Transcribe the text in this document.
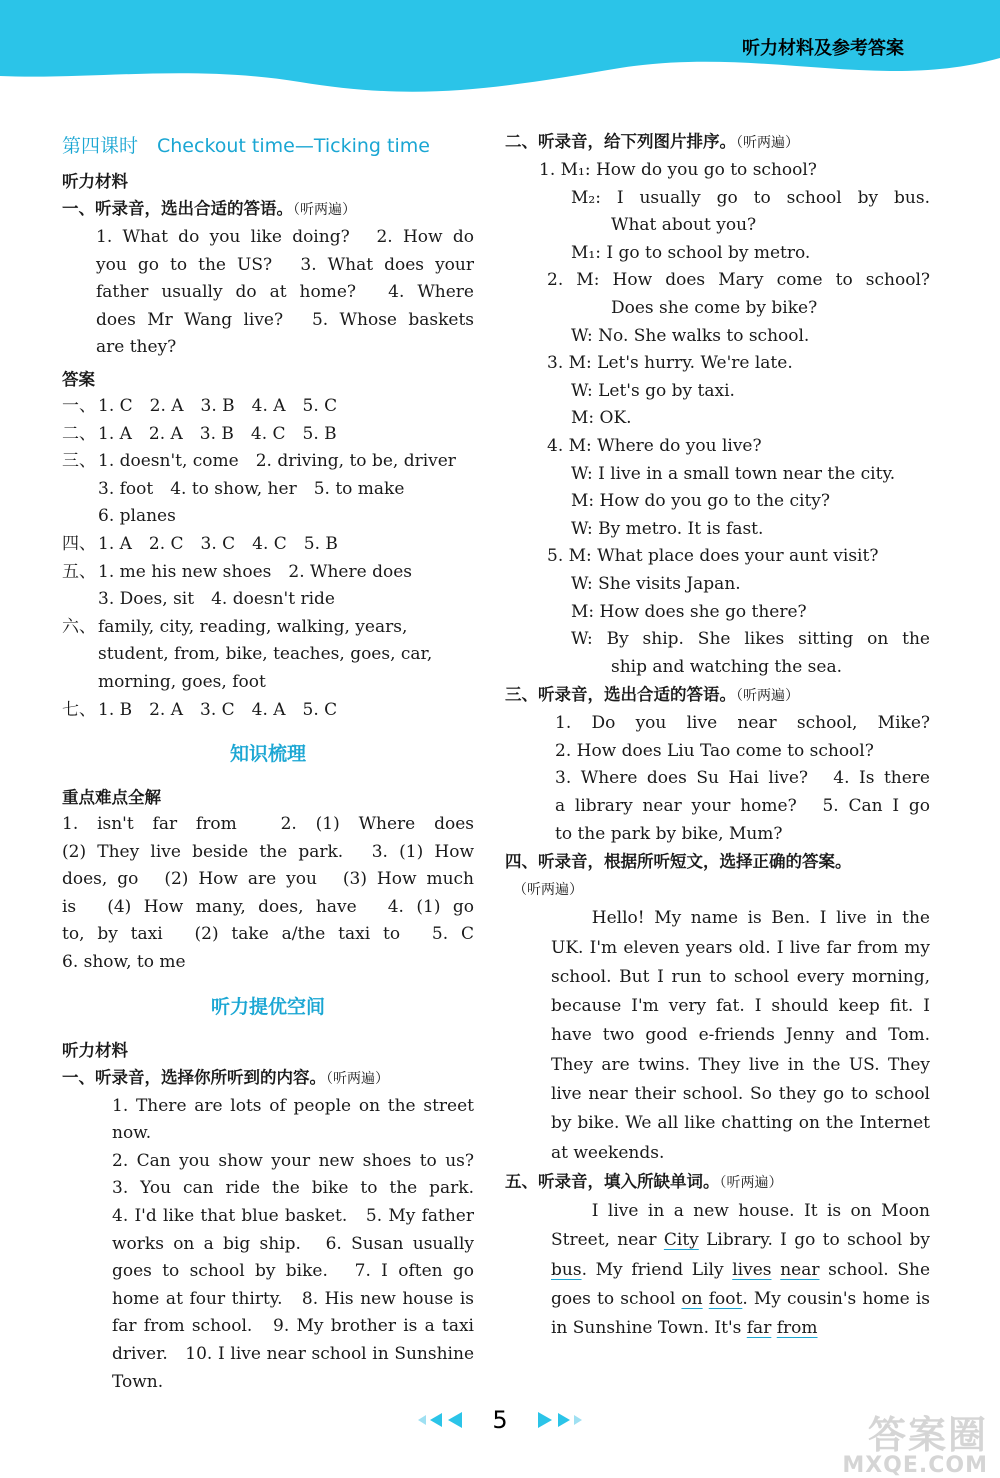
听力材料及参考答案
第四课时　Checkout time—Ticking time
听力材料
一、听录音，选出合适的答语。（听两遍）
1. What do you like doing?　2. How do
you go to the US?　3. What does your
father usually do at home?　4. Where
does Mr Wang live?　5. Whose baskets
are they?
答案
一、 1. C　2. A　3. B　4. A　5. C
二、 1. A　2. A　3. B　4. C　5. B
三、 1. doesn't, come　2. driving, to be, driver
3. foot　4. to show, her　5. to make
6. planes
四、 1. A　2. C　3. C　4. C　5. B
五、 1. me his new shoes　2. Where does
3. Does, sit　4. doesn't ride
六、 family, city, reading, walking, years,
student, from, bike, teaches, goes, car,
morning, goes, foot
七、 1. B　2. A　3. C　4. A　5. C
知识梳理
重点难点全解
1. isn't far from　2. (1) Where does
(2) They live beside the park.　3. (1) How
does, go　(2) How are you　(3) How much
is　(4) How many, does, have　4. (1) go
to, by taxi　(2) take a/the taxi to　5. C
6. show, to me
听力提优空间
听力材料
一、听录音，选择你所听到的内容。（听两遍）
1. There are lots of people on the street now.
2. Can you show your new shoes to us?
3. You can ride the bike to the park.
4. I'd like that blue basket.　5. My father
works on a big ship.　6. Susan usually
goes to school by bike.　7. I often go
home at four thirty.　8. His new house is
far from school.　9. My brother is a taxi
driver.　10. I live near school in Sunshine
Town.
二、听录音，给下列图片排序。（听两遍）
1. M₁: How do you go to school?
M₂: I usually go to school by bus.
What about you?
M₁: I go to school by metro.
2. M: How does Mary come to school?
Does she come by bike?
W: No. She walks to school.
3. M: Let's hurry. We're late.
W: Let's go by taxi.
M: OK.
4. M: Where do you live?
W: I live in a small town near the city.
M: How do you go to the city?
W: By metro. It is fast.
5. M: What place does your aunt visit?
W: She visits Japan.
M: How does she go there?
W: By ship. She likes sitting on the
ship and watching the sea.
三、听录音，选出合适的答语。（听两遍）
1. Do you live near school, Mike?
2. How does Liu Tao come to school?
3. Where does Su Hai live?　4. Is there
a library near your home?　5. Can I go
to the park by bike, Mum?
四、听录音，根据所听短文，选择正确的答案。
（听两遍）
Hello! My name is Ben. I live in the UK. I'm eleven years old. I live far from my school. But I run to school every morning, because I'm very fat. I should keep fit. I have two good e-friends Jenny and Tom. They are twins. They live in the US. They live near their school. So they go to school by bike. We all like chatting on the Internet at weekends.
五、听录音，填入所缺单词。（听两遍）
I live in a new house. It is on Moon Street, near City Library. I go to school by bus. My friend Lily lives near school. She goes to school on foot. My cousin's home is in Sunshine Town. It's far from
5	答案圈
MXQE.COM
